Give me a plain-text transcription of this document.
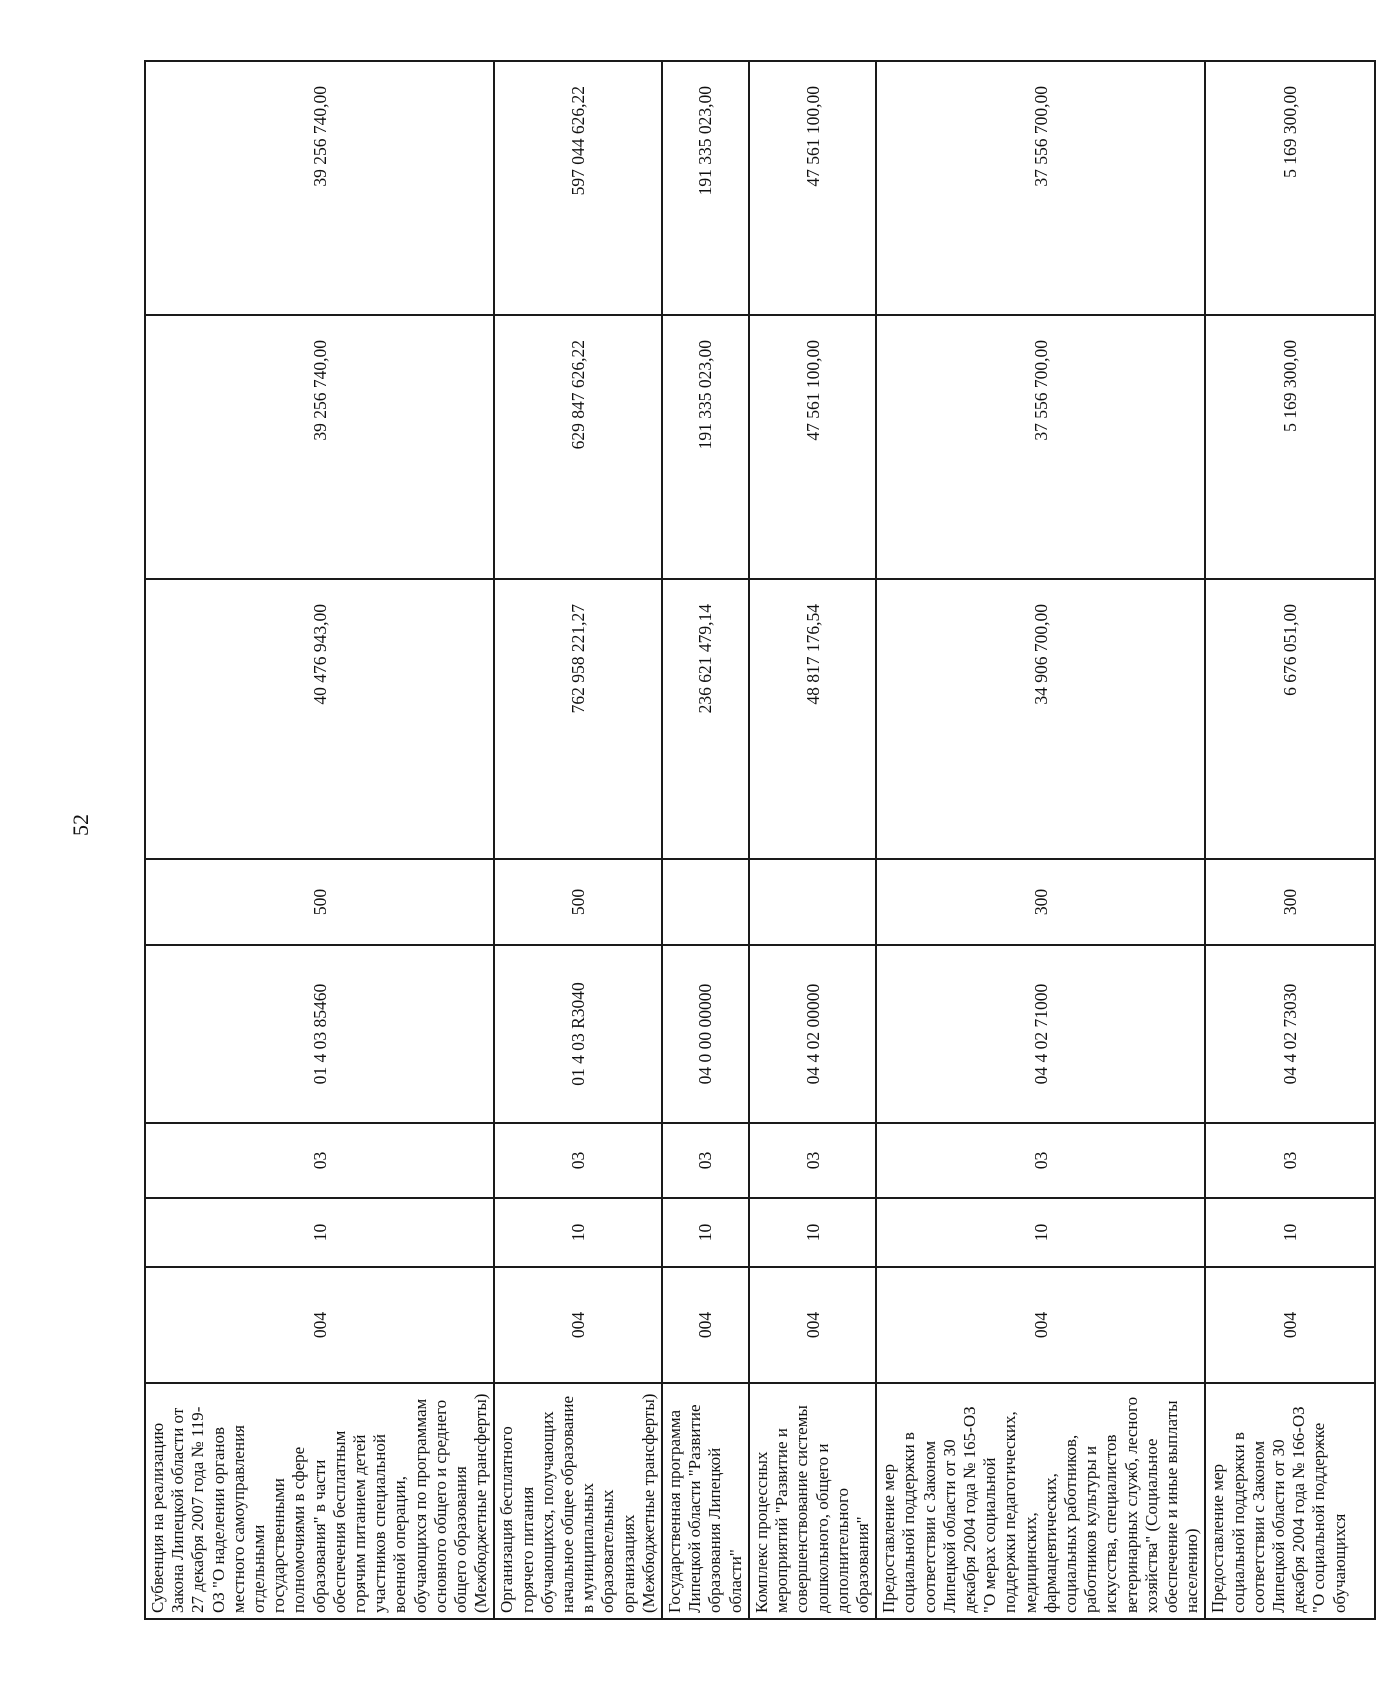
52
Субвенция на реализацию Закона Липецкой области от 27 декабря 2007 года № 119-ОЗ "О наделении органов местного самоуправления отдельными государственными полномочиями в сфере образования" в части обеспечения бесплатным горячим питанием детей участников специальной военной операции, обучающихся по программам основного общего и среднего общего образования (Межбюджетные трансферты)	004	10	03	01 4 03 85460	500	40 476 943,00	39 256 740,00	39 256 740,00
Организация бесплатного горячего питания обучающихся, получающих начальное общее образование в муниципальных образовательных организациях (Межбюджетные трансферты)	004	10	03	01 4 03 R3040	500	762 958 221,27	629 847 626,22	597 044 626,22
Государственная программа Липецкой области "Развитие образования Липецкой области"	004	10	03	04 0 00 00000		236 621 479,14	191 335 023,00	191 335 023,00
Комплекс процессных мероприятий "Развитие и совершенствование системы дошкольного, общего и дополнительного образования"	004	10	03	04 4 02 00000		48 817 176,54	47 561 100,00	47 561 100,00
Предоставление мер социальной поддержки в соответствии с Законом Липецкой области от 30 декабря 2004 года № 165-ОЗ "О мерах социальной поддержки педагогических, медицинских, фармацевтических, социальных работников, работников культуры и искусства, специалистов ветеринарных служб, лесного хозяйства" (Социальное обеспечение и иные выплаты населению)	004	10	03	04 4 02 71000	300	34 906 700,00	37 556 700,00	37 556 700,00
Предоставление мер социальной поддержки в соответствии с Законом Липецкой области от 30 декабря 2004 года № 166-ОЗ "О социальной поддержке обучающихся	004	10	03	04 4 02 73030	300	6 676 051,00	5 169 300,00	5 169 300,00
